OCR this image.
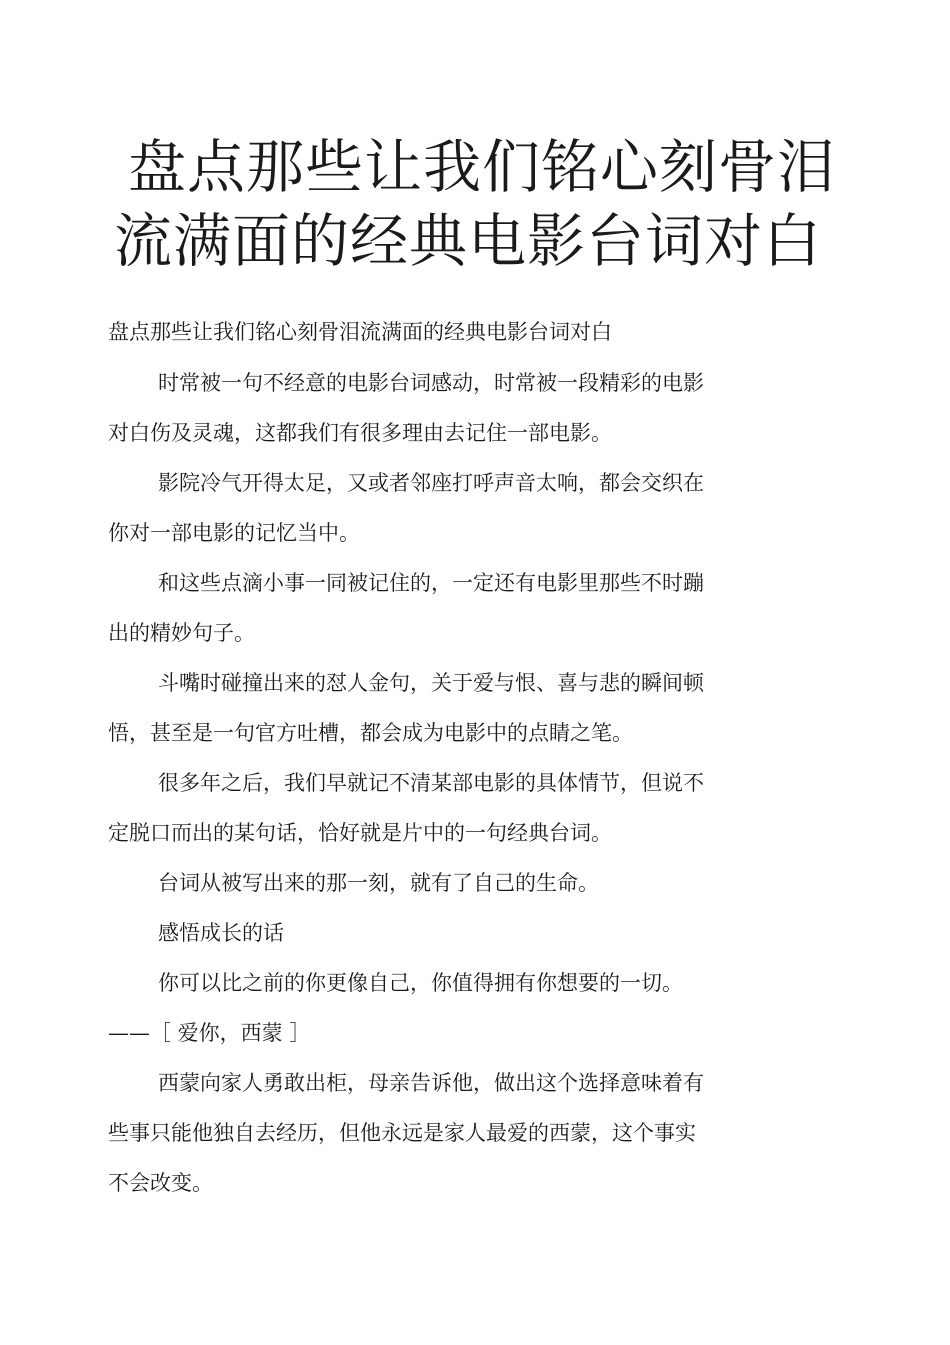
盘点那些让我们铭心刻骨泪
流满面的经典电影台词对白

盘点那些让我们铭心刻骨泪流满面的经典电影台词对白

时常被一句不经意的电影台词感动，时常被一段精彩的电影

对白伤及灵魂，这都我们有很多理由去记住一部电影。

影院冷气开得太足，又或者邻座打呼声音太响，都会交织在

你对一部电影的记忆当中。

和这些点滴小事一同被记住的，一定还有电影里那些不时蹦

出的精妙句子。

斗嘴时碰撞出来的怼人金句，关于爱与恨、喜与悲的瞬间顿

悟，甚至是一句官方吐槽，都会成为电影中的点睛之笔。

很多年之后，我们早就记不清某部电影的具体情节，但说不

定脱口而出的某句话，恰好就是片中的一句经典台词。

台词从被写出来的那一刻，就有了自己的生命。

感悟成长的话

你可以比之前的你更像自己，你值得拥有你想要的一切。

——［ 爱你，西蒙 ］

西蒙向家人勇敢出柜，母亲告诉他，做出这个选择意味着有

些事只能他独自去经历，但他永远是家人最爱的西蒙，这个事实

不会改变。
